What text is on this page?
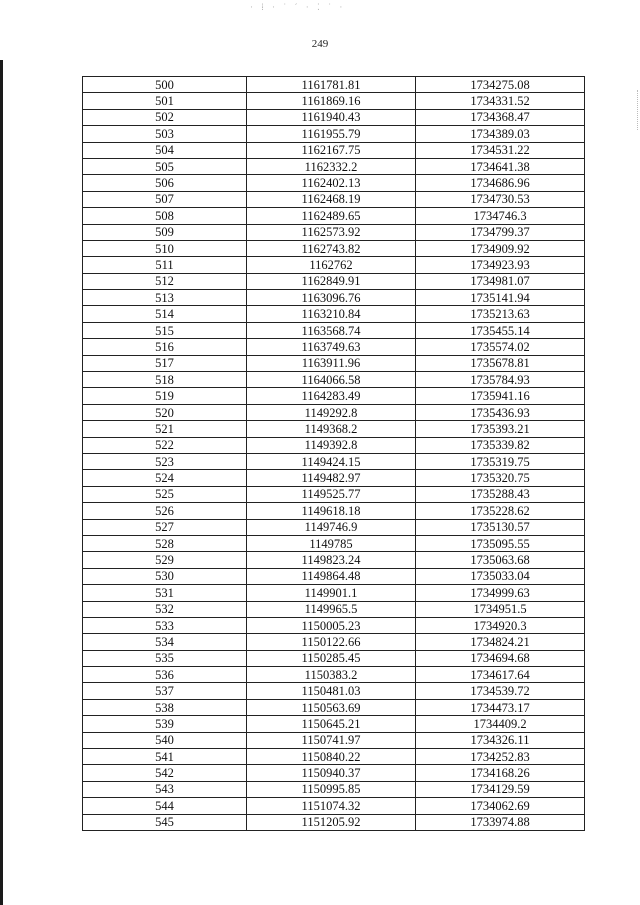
· ⁞ · ˙ ˊ · ⁚ ˙ ·
249
500	1161781.81	1734275.08
501	1161869.16	1734331.52
502	1161940.43	1734368.47
503	1161955.79	1734389.03
504	1162167.75	1734531.22
505	1162332.2	1734641.38
506	1162402.13	1734686.96
507	1162468.19	1734730.53
508	1162489.65	1734746.3
509	1162573.92	1734799.37
510	1162743.82	1734909.92
511	1162762	1734923.93
512	1162849.91	1734981.07
513	1163096.76	1735141.94
514	1163210.84	1735213.63
515	1163568.74	1735455.14
516	1163749.63	1735574.02
517	1163911.96	1735678.81
518	1164066.58	1735784.93
519	1164283.49	1735941.16
520	1149292.8	1735436.93
521	1149368.2	1735393.21
522	1149392.8	1735339.82
523	1149424.15	1735319.75
524	1149482.97	1735320.75
525	1149525.77	1735288.43
526	1149618.18	1735228.62
527	1149746.9	1735130.57
528	1149785	1735095.55
529	1149823.24	1735063.68
530	1149864.48	1735033.04
531	1149901.1	1734999.63
532	1149965.5	1734951.5
533	1150005.23	1734920.3
534	1150122.66	1734824.21
535	1150285.45	1734694.68
536	1150383.2	1734617.64
537	1150481.03	1734539.72
538	1150563.69	1734473.17
539	1150645.21	1734409.2
540	1150741.97	1734326.11
541	1150840.22	1734252.83
542	1150940.37	1734168.26
543	1150995.85	1734129.59
544	1151074.32	1734062.69
545	1151205.92	1733974.88
